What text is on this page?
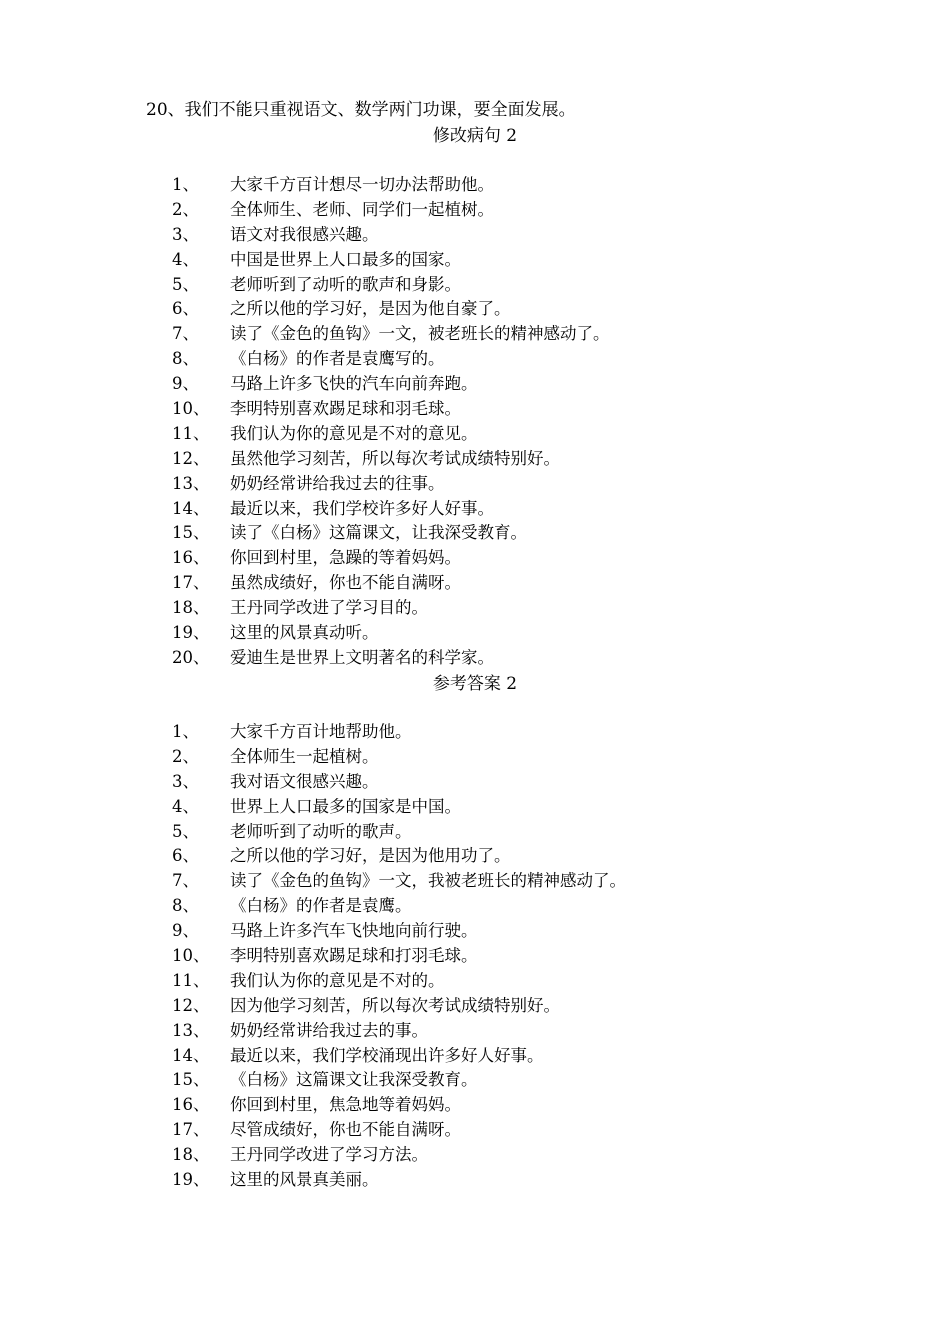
20、我们不能只重视语文、数学两门功课，要全面发展。
修改病句 2
1、 大家千方百计想尽一切办法帮助他。
2、 全体师生、老师、同学们一起植树。
3、 语文对我很感兴趣。
4、 中国是世界上人口最多的国家。
5、 老师听到了动听的歌声和身影。
6、 之所以他的学习好，是因为他自豪了。
7、 读了《金色的鱼钩》一文，被老班长的精神感动了。
8、 《白杨》的作者是袁鹰写的。
9、 马路上许多飞快的汽车向前奔跑。
10、 李明特别喜欢踢足球和羽毛球。
11、 我们认为你的意见是不对的意见。
12、 虽然他学习刻苦，所以每次考试成绩特别好。
13、 奶奶经常讲给我过去的往事。
14、 最近以来，我们学校许多好人好事。
15、 读了《白杨》这篇课文，让我深受教育。
16、 你回到村里，急躁的等着妈妈。
17、 虽然成绩好，你也不能自满呀。
18、 王丹同学改进了学习目的。
19、 这里的风景真动听。
20、 爱迪生是世界上文明著名的科学家。
参考答案 2
1、 大家千方百计地帮助他。
2、 全体师生一起植树。
3、 我对语文很感兴趣。
4、 世界上人口最多的国家是中国。
5、 老师听到了动听的歌声。
6、 之所以他的学习好，是因为他用功了。
7、 读了《金色的鱼钩》一文，我被老班长的精神感动了。
8、 《白杨》的作者是袁鹰。
9、 马路上许多汽车飞快地向前行驶。
10、 李明特别喜欢踢足球和打羽毛球。
11、 我们认为你的意见是不对的。
12、 因为他学习刻苦，所以每次考试成绩特别好。
13、 奶奶经常讲给我过去的事。
14、 最近以来，我们学校涌现出许多好人好事。
15、 《白杨》这篇课文让我深受教育。
16、 你回到村里，焦急地等着妈妈。
17、 尽管成绩好，你也不能自满呀。
18、 王丹同学改进了学习方法。
19、 这里的风景真美丽。
